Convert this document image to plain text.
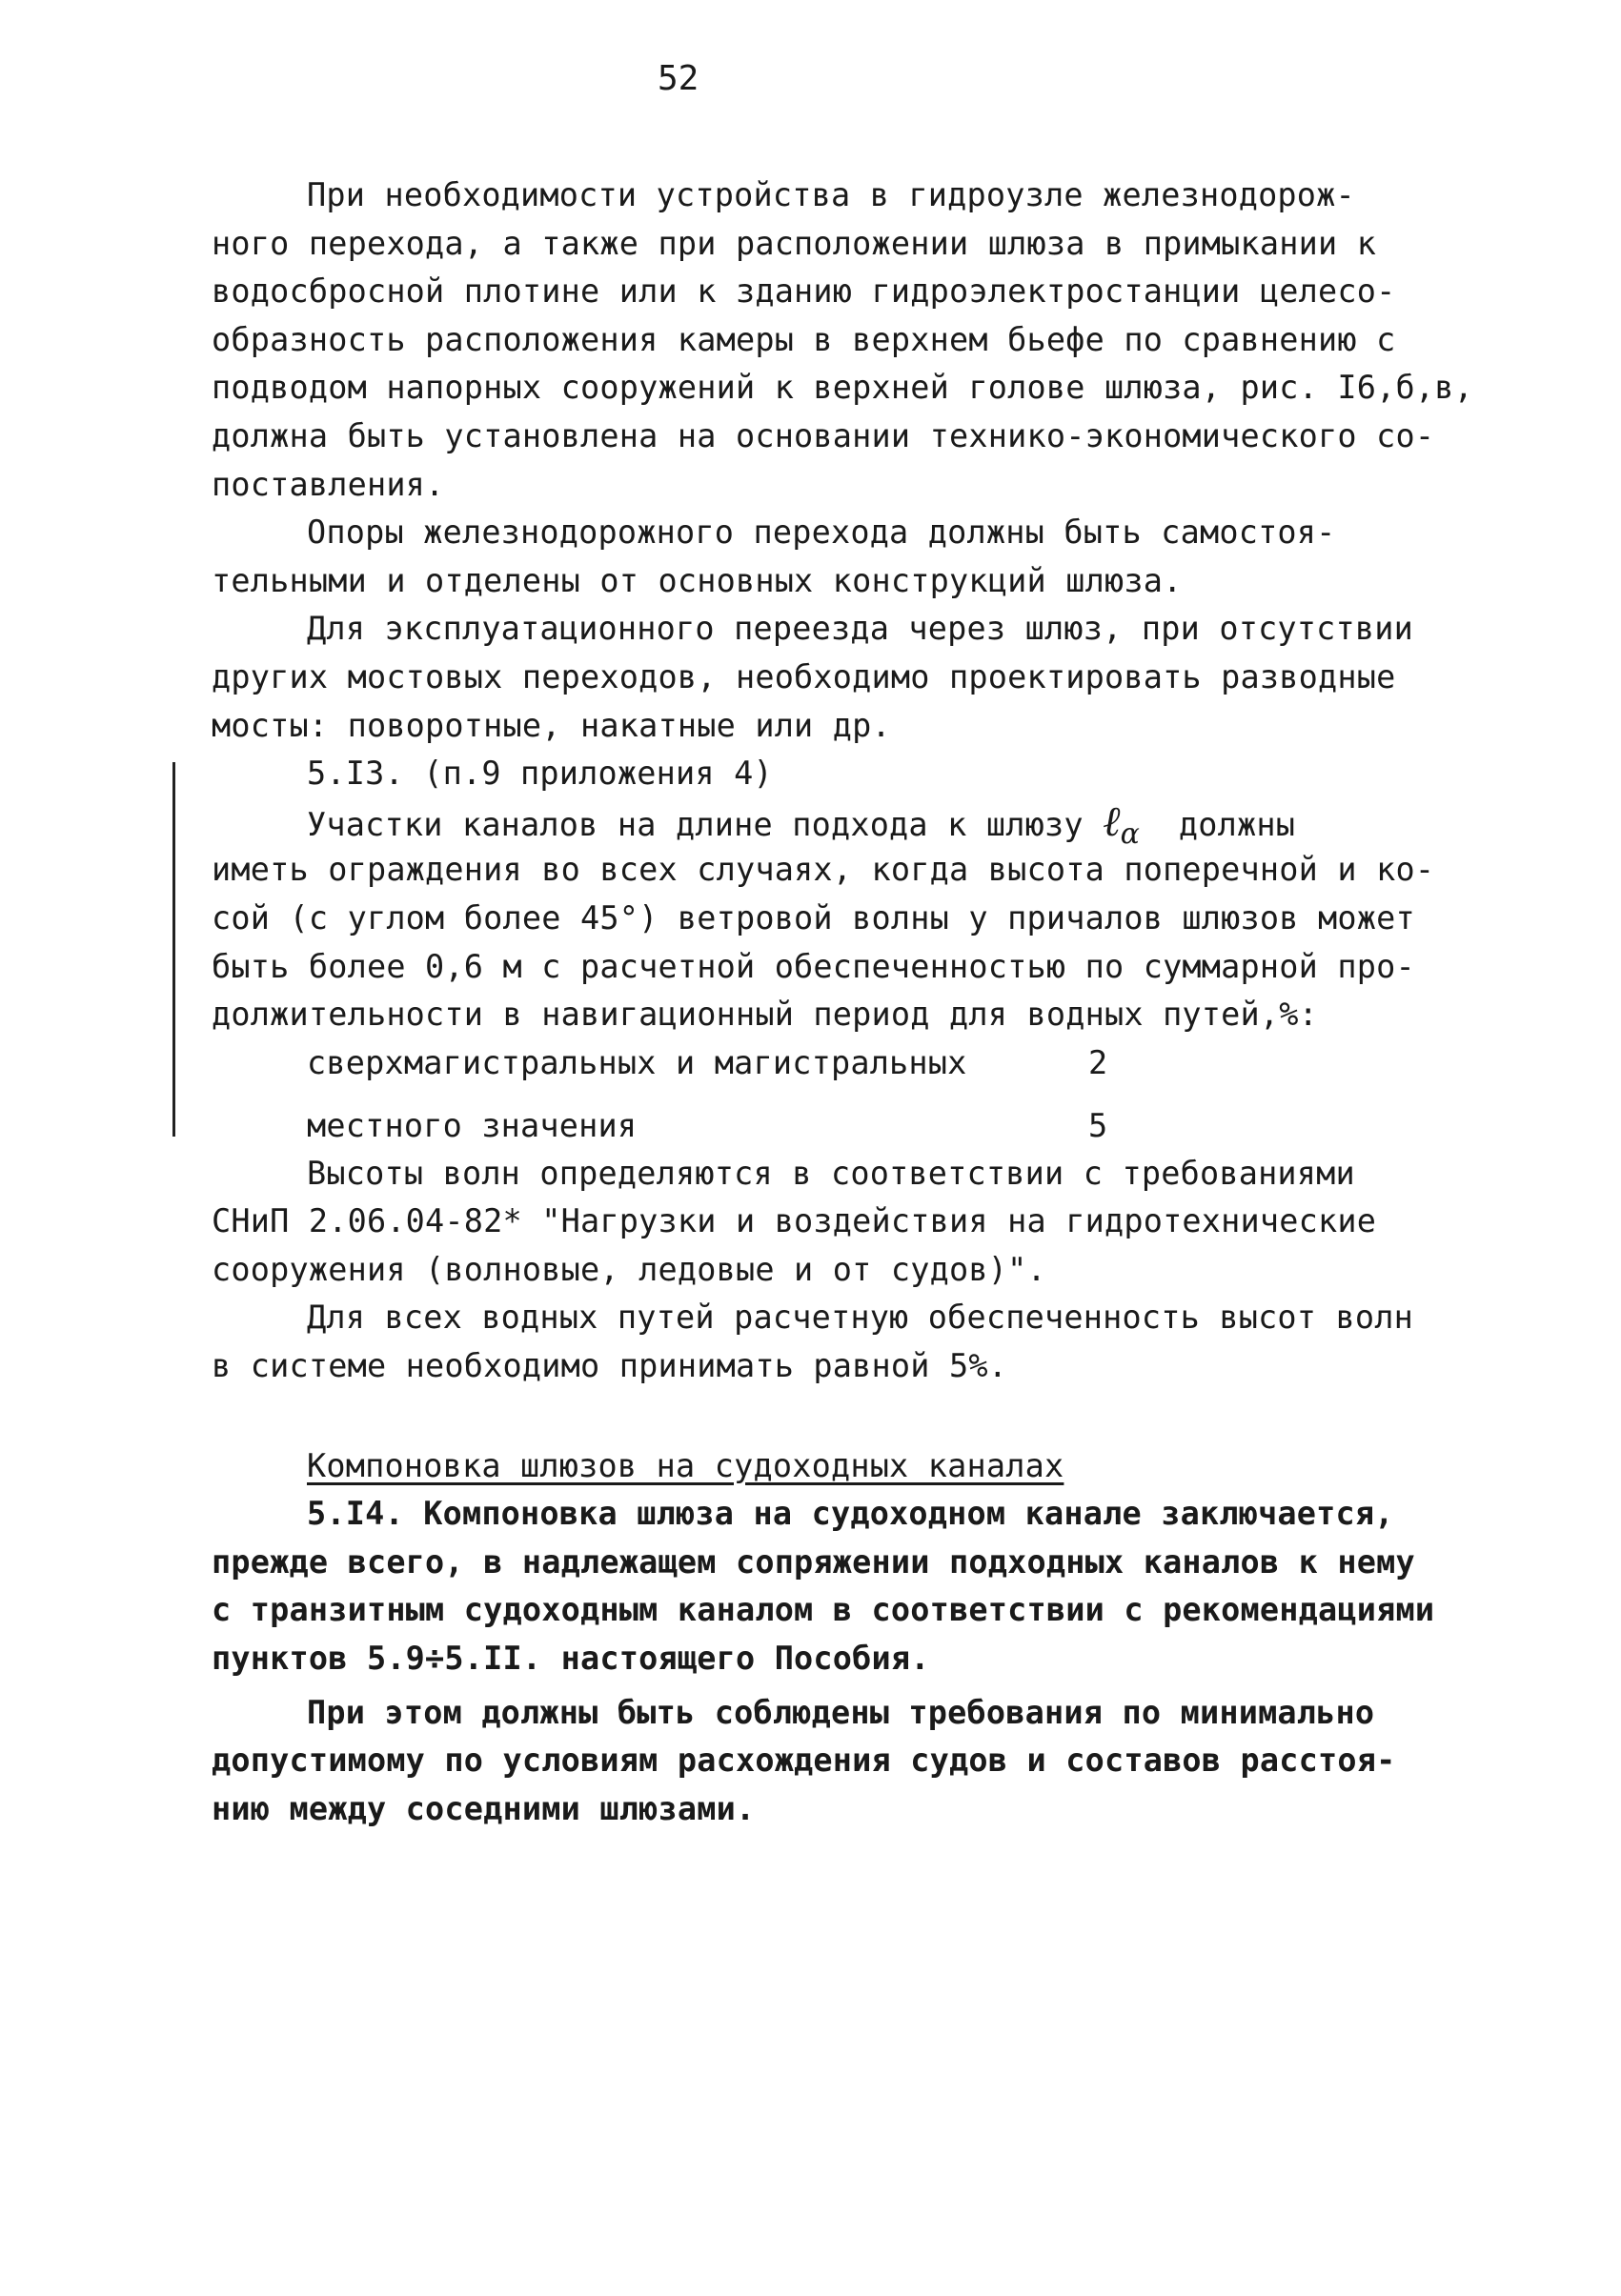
52
При необходимости устройства в гидроузле железнодорож-
ного перехода, а также при расположении шлюза в примыкании к
водосбросной плотине или к зданию гидроэлектростанции целесо-
образность расположения камеры в верхнем бьефе по сравнению с
подводом напорных сооружений к верхней голове шлюза, рис. I6,б,в,
должна быть установлена на основании технико-экономического со-
поставления.
Опоры железнодорожного перехода должны быть самостоя-
тельными и отделены от основных конструкций шлюза.
Для эксплуатационного переезда через шлюз, при отсутствии
других мостовых переходов, необходимо проектировать разводные
мосты: поворотные, накатные или др.
5.I3. (п.9 приложения 4)
Участки каналов на длине подхода к шлюзу ℓα  должны
иметь ограждения во всех случаях, когда высота поперечной и ко-
сой (с углом более 45°) ветровой волны у причалов шлюзов может
быть более 0,6 м с расчетной обеспеченностью по суммарной про-
должительности в навигационный период для водных путей,%:
сверхмагистральных и магистральных	2
местного значения	5
Высоты волн определяются в соответствии с требованиями
СНиП 2.06.04-82* "Нагрузки и воздействия на гидротехнические
сооружения (волновые, ледовые и от судов)".
Для всех водных путей расчетную обеспеченность высот волн
в системе необходимо принимать равной 5%.
Компоновка шлюзов на судоходных каналах
5.I4. Компоновка шлюза на судоходном канале заключается,
прежде всего, в надлежащем сопряжении подходных каналов к нему
с транзитным судоходным каналом в соответствии с рекомендациями
пунктов 5.9÷5.II. настоящего Пособия.
При этом должны быть соблюдены требования по минимально
допустимому по условиям расхождения судов и составов расстоя-
нию между соседними шлюзами.
